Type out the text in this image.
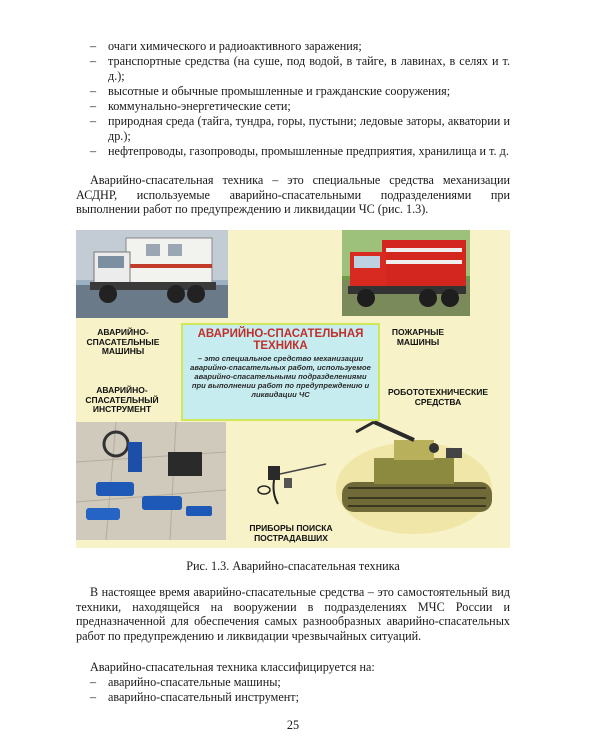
– очаги химического и радиоактивного заражения;
– транспортные средства (на суше, под водой, в тайге, в лавинах, в селях и т. д.);
– высотные и обычные промышленные и гражданские сооружения;
– коммунально-энергетические сети;
– природная среда (тайга, тундра, горы, пустыни; ледовые заторы, акватории и др.);
– нефтепроводы, газопроводы, промышленные предприятия, хранилища и т. д.
Аварийно-спасательная техника – это специальные средства механизации АСДНР, используемые аварийно-спасательными подразделениями при выполнении работ по предупреждению и ликвидации ЧС (рис. 1.3).
АВАРИЙНО-СПАСАТЕЛЬНЫЕ МАШИНЫ
ПОЖАРНЫЕ МАШИНЫ
АВАРИЙНО-СПАСАТЕЛЬНЫЙ ИНСТРУМЕНТ
РОБОТОТЕХНИЧЕСКИЕ СРЕДСТВА
ПРИБОРЫ ПОИСКА ПОСТРАДАВШИХ
АВАРИЙНО-СПАСАТЕЛЬНАЯ ТЕХНИКА
– это специальное средство механизации аварийно-спасательных работ, используемое аварийно-спасательными подразделениями при выполнении работ по предупреждению и ликвидации ЧС
Рис. 1.3. Аварийно-спасательная техника
В настоящее время аварийно-спасательные средства – это самостоятельный вид техники, находящейся на вооружении в подразделениях МЧС России и предназначенной для обеспечения самых разнообразных аварийно-спасательных работ по предупреждению и ликвидации чрезвычайных ситуаций.
Аварийно-спасательная техника классифицируется на:
– аварийно-спасательные машины;
– аварийно-спасательный инструмент;
25
